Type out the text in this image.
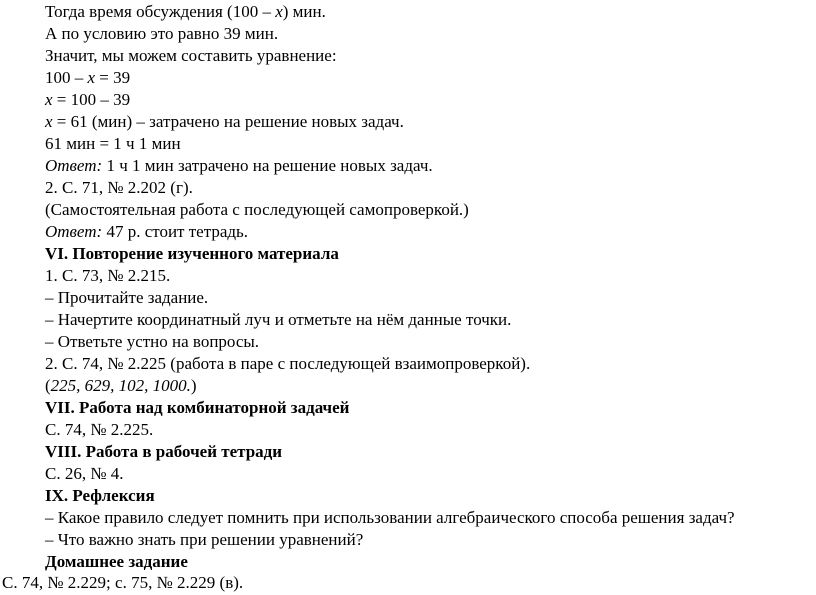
Тогда время обсуждения (100 – x) мин.
А по условию это равно 39 мин.
Значит, мы можем составить уравнение:
100 – x = 39
x = 100 – 39
x = 61 (мин) – затрачено на решение новых задач.
61 мин = 1 ч 1 мин
Ответ: 1 ч 1 мин затрачено на решение новых задач.
2. С. 71, № 2.202 (г).
(Самостоятельная работа с последующей самопроверкой.)
Ответ: 47 р. стоит тетрадь.
VI. Повторение изученного материала
1. С. 73, № 2.215.
– Прочитайте задание.
– Начертите координатный луч и отметьте на нём данные точки.
– Ответьте устно на вопросы.
2. С. 74, № 2.225 (работа в паре с последующей взаимопроверкой).
(225, 629, 102, 1000.)
VII. Работа над комбинаторной задачей
С. 74, № 2.225.
VIII. Работа в рабочей тетради
С. 26, № 4.
IX. Рефлексия
– Какое правило следует помнить при использовании алгебраического способа решения задач?
– Что важно знать при решении уравнений?
Домашнее задание
С. 74, № 2.229; с. 75, № 2.229 (в).
